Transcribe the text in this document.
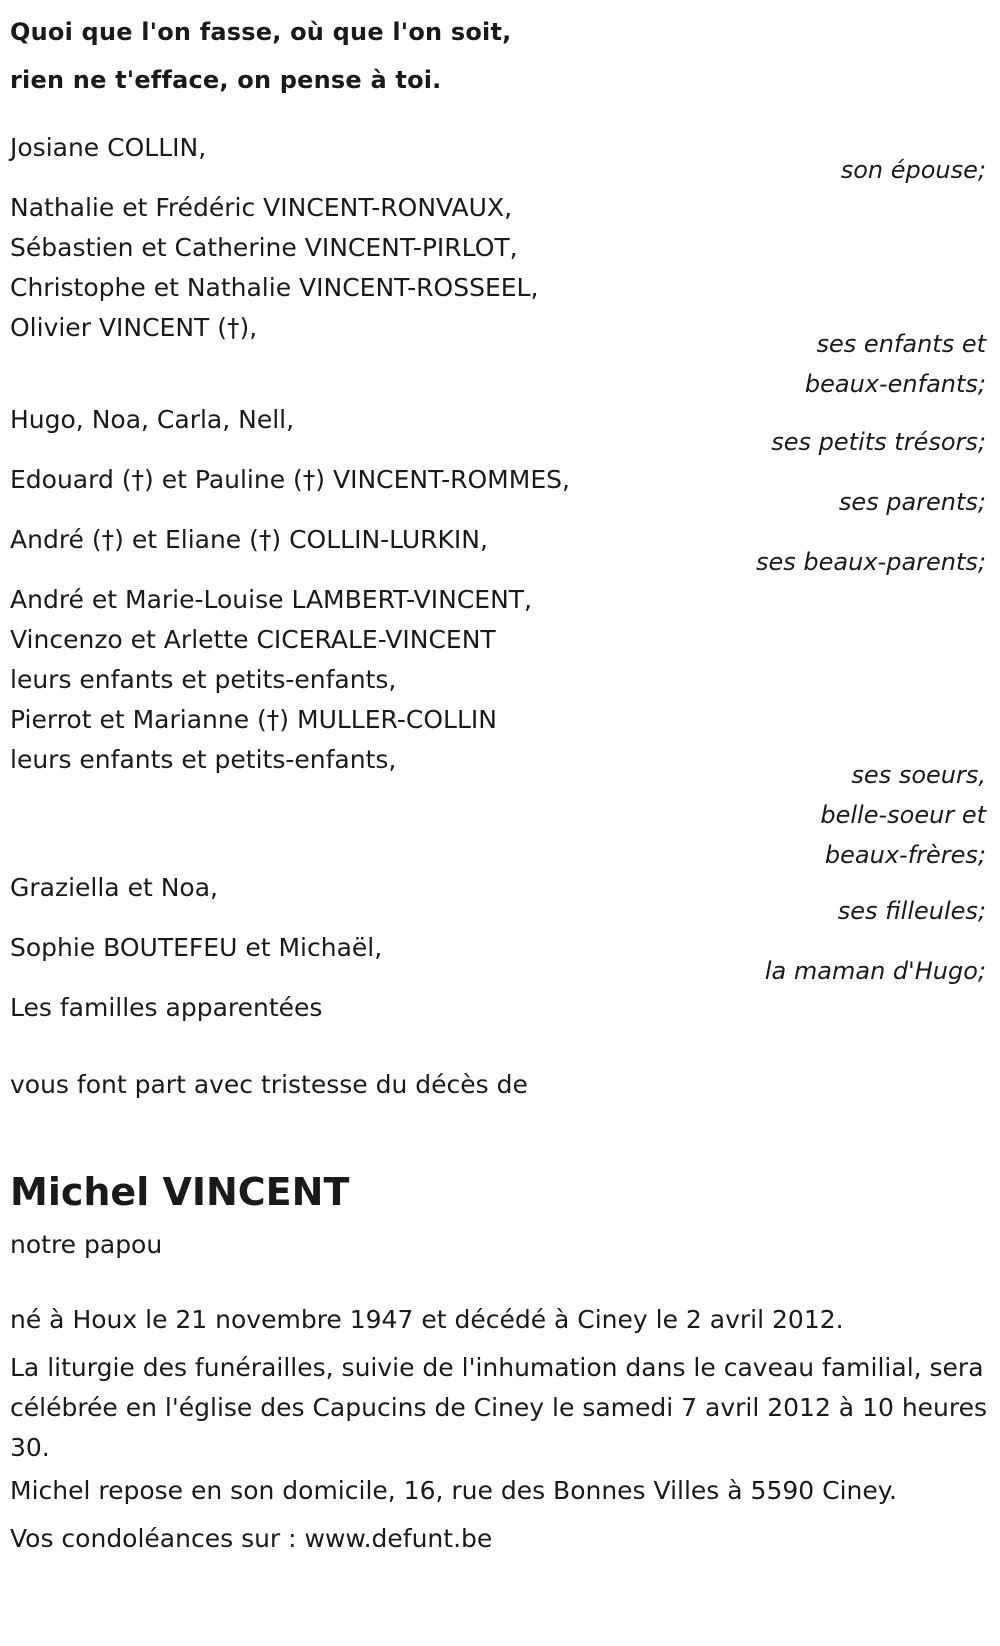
Quoi que l'on fasse, où que l'on soit,
rien ne t'efface, on pense à toi.
Josiane COLLIN,
son épouse;
Nathalie et Frédéric VINCENT-RONVAUX,
Sébastien et Catherine VINCENT-PIRLOT,
Christophe et Nathalie VINCENT-ROSSEEL,
Olivier VINCENT (†),
ses enfants et
beaux-enfants;
Hugo, Noa, Carla, Nell,
ses petits trésors;
Edouard (†) et Pauline (†) VINCENT-ROMMES,
ses parents;
André (†) et Eliane (†) COLLIN-LURKIN,
ses beaux-parents;
André et Marie-Louise LAMBERT-VINCENT,
Vincenzo et Arlette CICERALE-VINCENT
leurs enfants et petits-enfants,
Pierrot et Marianne (†) MULLER-COLLIN
leurs enfants et petits-enfants,
ses soeurs,
belle-soeur et
beaux-frères;
Graziella et Noa,
ses filleules;
Sophie BOUTEFEU et Michaël,
la maman d'Hugo;
Les familles apparentées
vous font part avec tristesse du décès de
Michel VINCENT
notre papou
né à Houx le 21 novembre 1947 et décédé à Ciney le 2 avril 2012.
La liturgie des funérailles, suivie de l'inhumation dans le caveau familial, sera célébrée en l'église des Capucins de Ciney le samedi 7 avril 2012 à 10 heures 30.
Michel repose en son domicile, 16, rue des Bonnes Villes à 5590 Ciney.
Vos condoléances sur : www.defunt.be
